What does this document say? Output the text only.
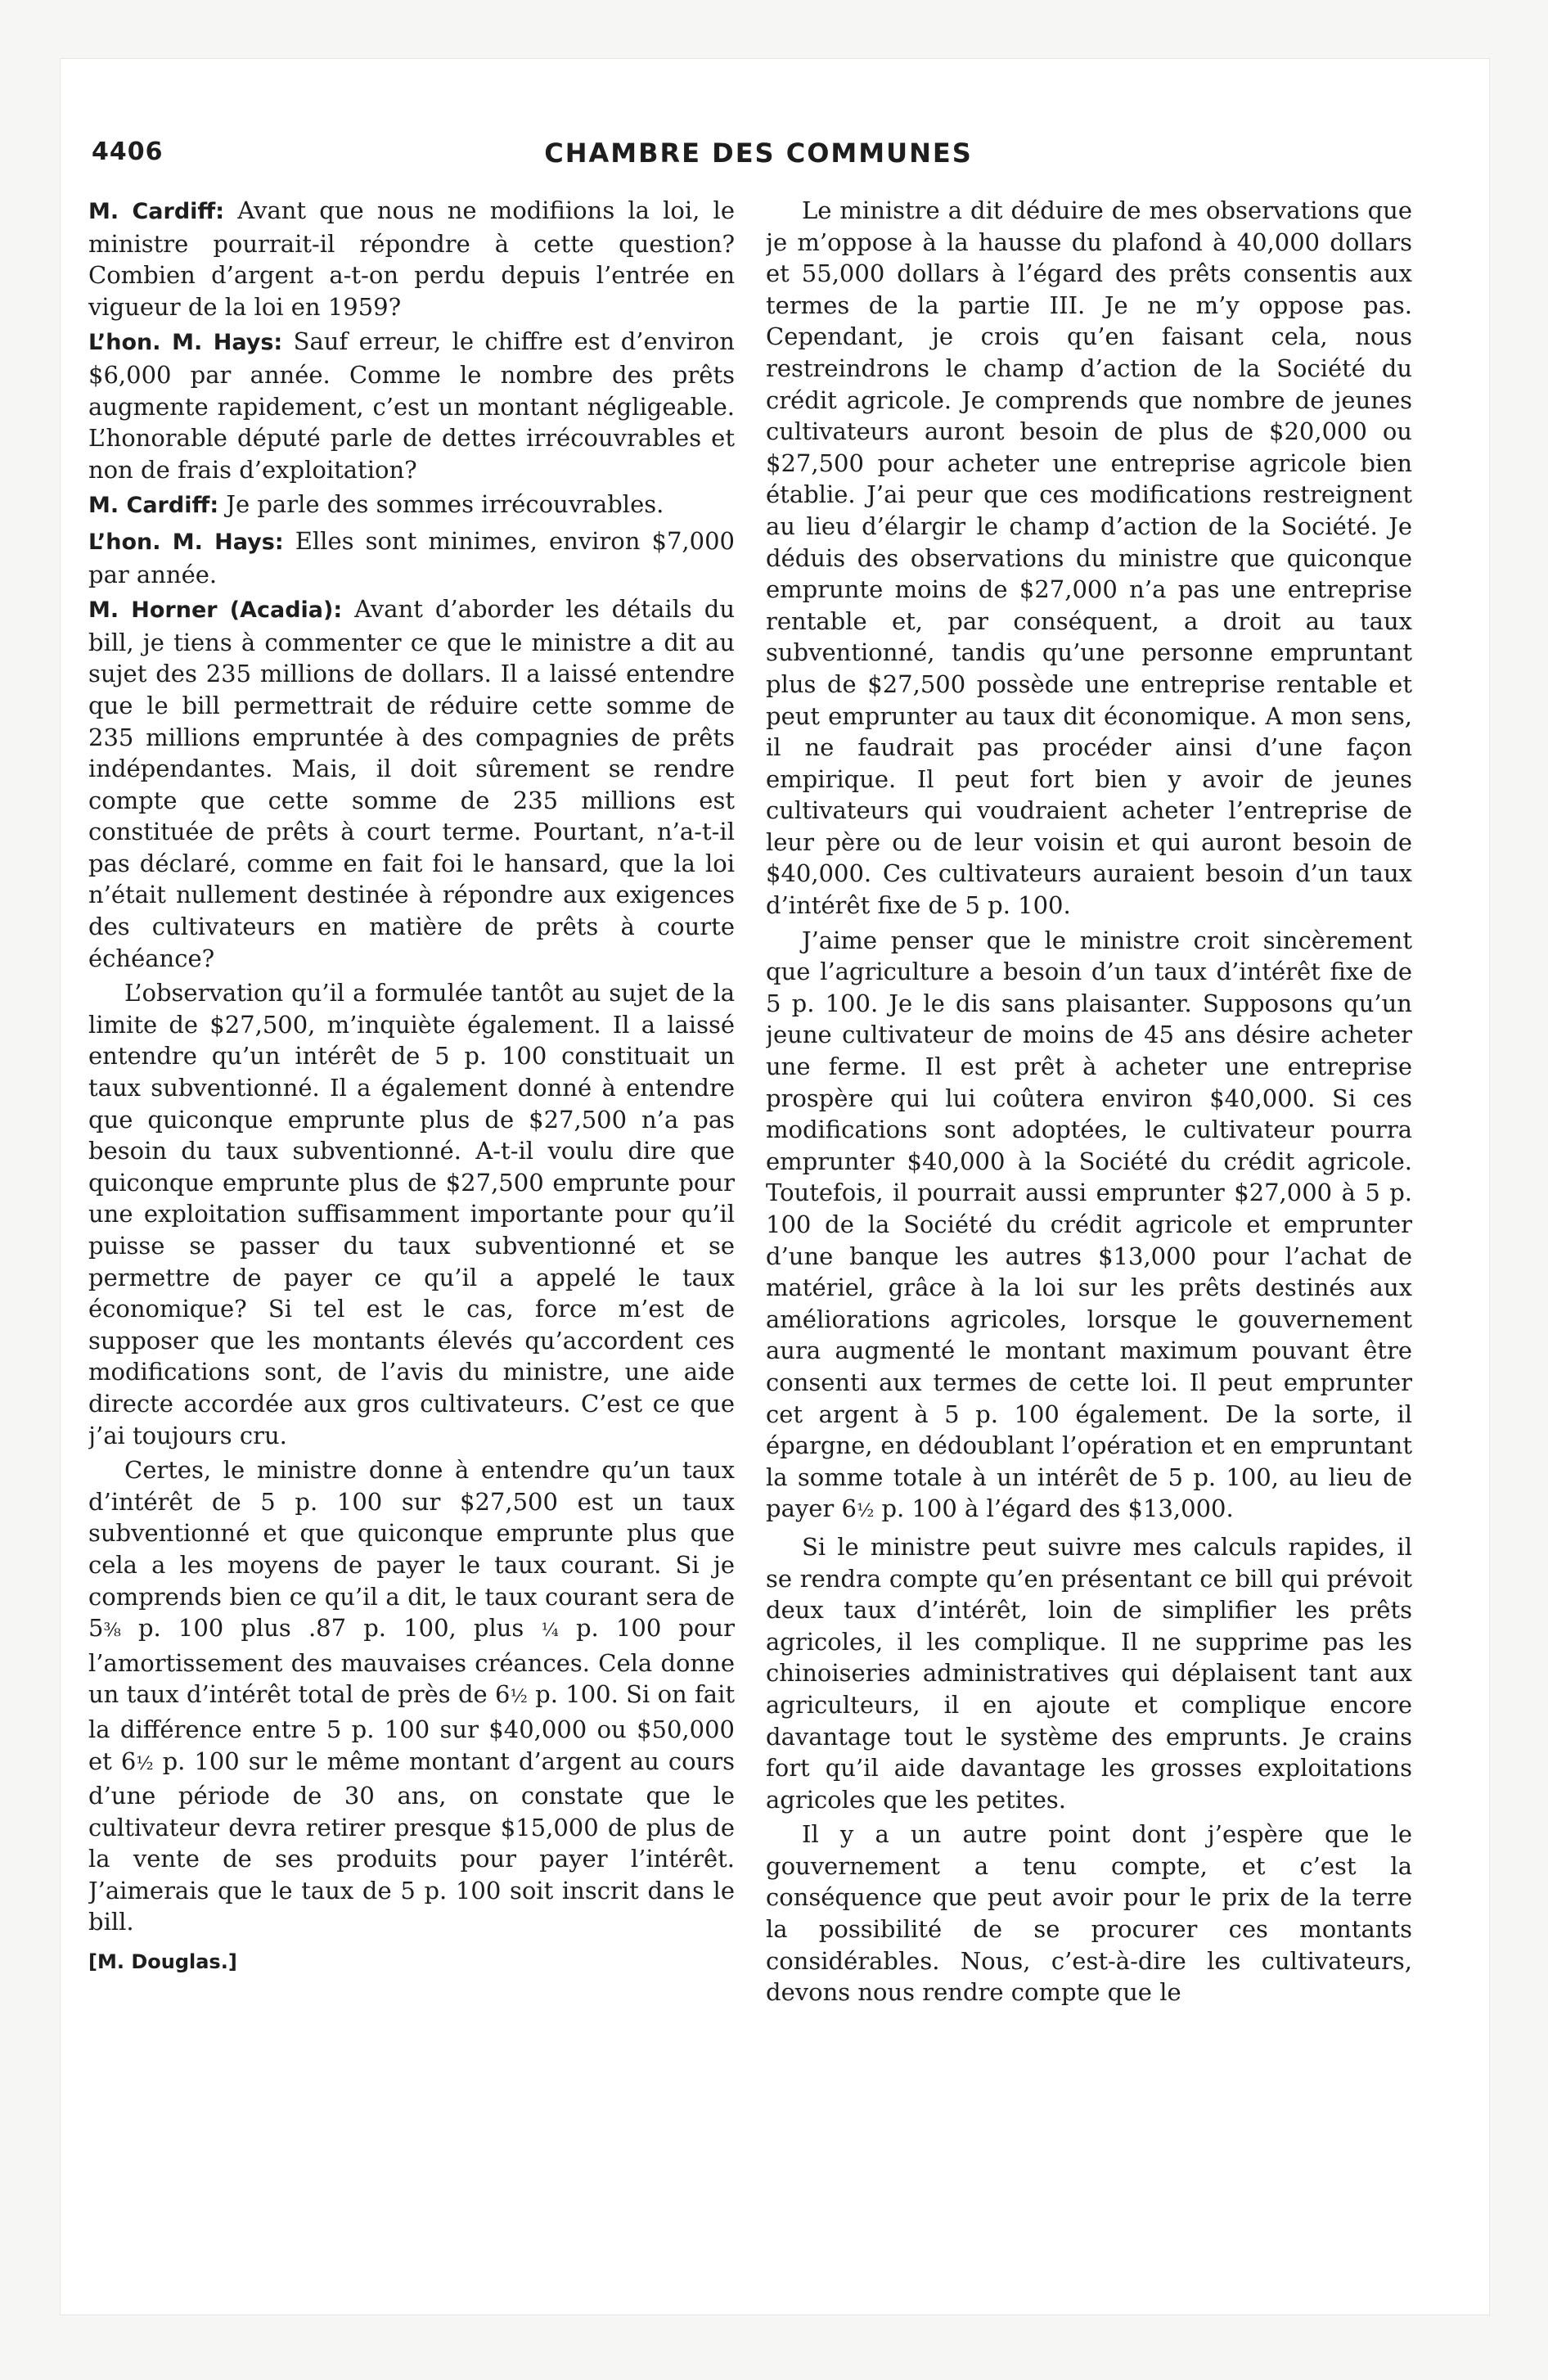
4406	CHAMBRE DES COMMUNES

M. Cardiff: Avant que nous ne modifiions la loi, le ministre pourrait-il répondre à cette question? Combien d’argent a-t-on perdu depuis l’entrée en vigueur de la loi en 1959?

L’hon. M. Hays: Sauf erreur, le chiffre est d’environ $6,000 par année. Comme le nombre des prêts augmente rapidement, c’est un montant négligeable. L’honorable député parle de dettes irrécouvrables et non de frais d’exploitation?

M. Cardiff: Je parle des sommes irrécouvrables.

L’hon. M. Hays: Elles sont minimes, environ $7,000 par année.

M. Horner (Acadia): Avant d’aborder les détails du bill, je tiens à commenter ce que le ministre a dit au sujet des 235 millions de dollars. Il a laissé entendre que le bill permettrait de réduire cette somme de 235 millions empruntée à des compagnies de prêts indépendantes. Mais, il doit sûrement se rendre compte que cette somme de 235 millions est constituée de prêts à court terme. Pourtant, n’a-t-il pas déclaré, comme en fait foi le hansard, que la loi n’était nullement destinée à répondre aux exigences des cultivateurs en matière de prêts à courte échéance?

L’observation qu’il a formulée tantôt au sujet de la limite de $27,500, m’inquiète également. Il a laissé entendre qu’un intérêt de 5 p. 100 constituait un taux subventionné. Il a également donné à entendre que quiconque emprunte plus de $27,500 n’a pas besoin du taux subventionné. A-t-il voulu dire que quiconque emprunte plus de $27,500 emprunte pour une exploitation suffisamment importante pour qu’il puisse se passer du taux subventionné et se permettre de payer ce qu’il a appelé le taux économique? Si tel est le cas, force m’est de supposer que les montants élevés qu’accordent ces modifications sont, de l’avis du ministre, une aide directe accordée aux gros cultivateurs. C’est ce que j’ai toujours cru.

Certes, le ministre donne à entendre qu’un taux d’intérêt de 5 p. 100 sur $27,500 est un taux subventionné et que quiconque emprunte plus que cela a les moyens de payer le taux courant. Si je comprends bien ce qu’il a dit, le taux courant sera de 5⅜ p. 100 plus .87 p. 100, plus ¼ p. 100 pour l’amortissement des mauvaises créances. Cela donne un taux d’intérêt total de près de 6½ p. 100. Si on fait la différence entre 5 p. 100 sur $40,000 ou $50,000 et 6½ p. 100 sur le même montant d’argent au cours d’une période de 30 ans, on constate que le cultivateur devra retirer presque $15,000 de plus de la vente de ses produits pour payer l’intérêt. J’aimerais que le taux de 5 p. 100 soit inscrit dans le bill.

[M. Douglas.]

Le ministre a dit déduire de mes observations que je m’oppose à la hausse du plafond à 40,000 dollars et 55,000 dollars à l’égard des prêts consentis aux termes de la partie III. Je ne m’y oppose pas. Cependant, je crois qu’en faisant cela, nous restreindrons le champ d’action de la Société du crédit agricole. Je comprends que nombre de jeunes cultivateurs auront besoin de plus de $20,000 ou $27,500 pour acheter une entreprise agricole bien établie. J’ai peur que ces modifications restreignent au lieu d’élargir le champ d’action de la Société. Je déduis des observations du ministre que quiconque emprunte moins de $27,000 n’a pas une entreprise rentable et, par conséquent, a droit au taux subventionné, tandis qu’une personne empruntant plus de $27,500 possède une entreprise rentable et peut emprunter au taux dit économique. A mon sens, il ne faudrait pas procéder ainsi d’une façon empirique. Il peut fort bien y avoir de jeunes cultivateurs qui voudraient acheter l’entreprise de leur père ou de leur voisin et qui auront besoin de $40,000. Ces cultivateurs auraient besoin d’un taux d’intérêt fixe de 5 p. 100.

J’aime penser que le ministre croit sincèrement que l’agriculture a besoin d’un taux d’intérêt fixe de 5 p. 100. Je le dis sans plaisanter. Supposons qu’un jeune cultivateur de moins de 45 ans désire acheter une ferme. Il est prêt à acheter une entreprise prospère qui lui coûtera environ $40,000. Si ces modifications sont adoptées, le cultivateur pourra emprunter $40,000 à la Société du crédit agricole. Toutefois, il pourrait aussi emprunter $27,000 à 5 p. 100 de la Société du crédit agricole et emprunter d’une banque les autres $13,000 pour l’achat de matériel, grâce à la loi sur les prêts destinés aux améliorations agricoles, lorsque le gouvernement aura augmenté le montant maximum pouvant être consenti aux termes de cette loi. Il peut emprunter cet argent à 5 p. 100 également. De la sorte, il épargne, en dédoublant l’opération et en empruntant la somme totale à un intérêt de 5 p. 100, au lieu de payer 6½ p. 100 à l’égard des $13,000.

Si le ministre peut suivre mes calculs rapides, il se rendra compte qu’en présentant ce bill qui prévoit deux taux d’intérêt, loin de simplifier les prêts agricoles, il les complique. Il ne supprime pas les chinoiseries administratives qui déplaisent tant aux agriculteurs, il en ajoute et complique encore davantage tout le système des emprunts. Je crains fort qu’il aide davantage les grosses exploitations agricoles que les petites.

Il y a un autre point dont j’espère que le gouvernement a tenu compte, et c’est la conséquence que peut avoir pour le prix de la terre la possibilité de se procurer ces montants considérables. Nous, c’est-à-dire les cultivateurs, devons nous rendre compte que le
